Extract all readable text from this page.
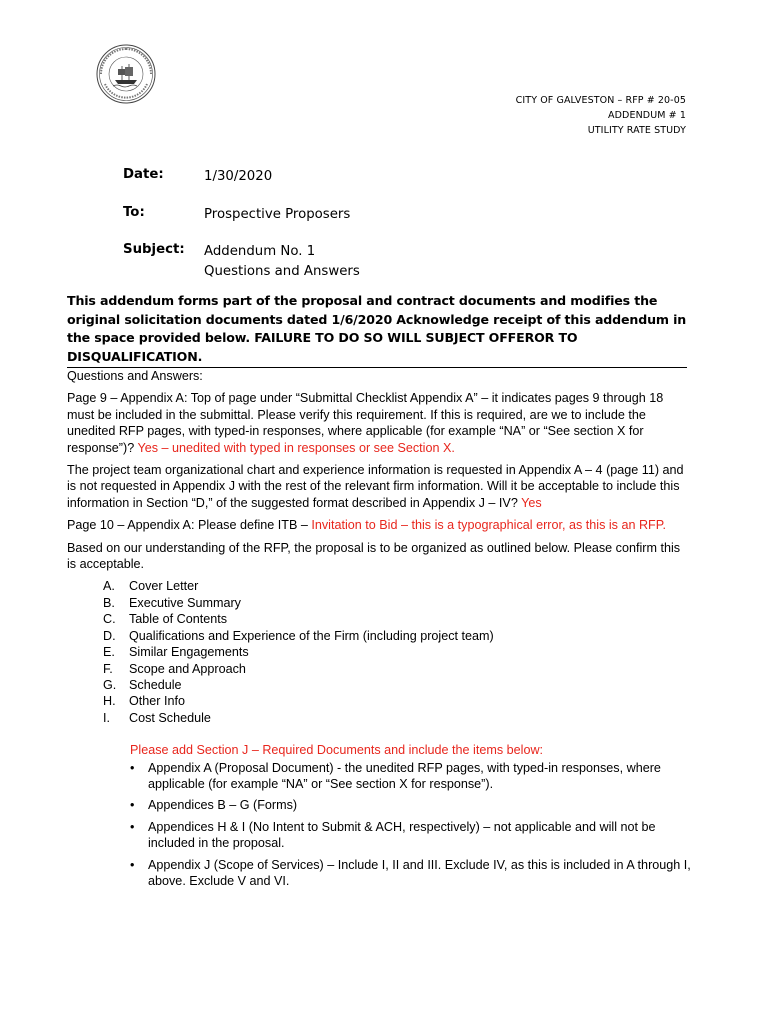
CITY OF GALVESTON – RFP # 20-05
ADDENDUM # 1
UTILITY RATE STUDY
Date:	1/30/2020
To:	Prospective Proposers
Subject:	Addendum No. 1
Questions and Answers
This addendum forms part of the proposal and contract documents and modifies the original solicitation documents dated 1/6/2020 Acknowledge receipt of this addendum in the space provided below. FAILURE TO DO SO WILL SUBJECT OFFEROR TO DISQUALIFICATION.

Questions and Answers:

Page 9 – Appendix A: Top of page under “Submittal Checklist Appendix A” – it indicates pages 9 through 18 must be included in the submittal. Please verify this requirement. If this is required, are we to include the unedited RFP pages, with typed-in responses, where applicable (for example “NA” or “See section X for response”)? Yes – unedited with typed in responses or see Section X.

The project team organizational chart and experience information is requested in Appendix A – 4 (page 11) and is not requested in Appendix J with the rest of the relevant firm information. Will it be acceptable to include this information in Section “D,” of the suggested format described in Appendix J – IV? Yes

Page 10 – Appendix A: Please define ITB – Invitation to Bid – this is a typographical error, as this is an RFP.

Based on our understanding of the RFP, the proposal is to be organized as outlined below. Please confirm this is acceptable.

A.	Cover Letter
B.	Executive Summary
C.	Table of Contents
D.	Qualifications and Experience of the Firm (including project team)
E.	Similar Engagements
F.	Scope and Approach
G.	Schedule
H.	Other Info
I.	Cost Schedule

Please add Section J – Required Documents and include the items below:

•	Appendix A (Proposal Document) - the unedited RFP pages, with typed-in responses, where applicable (for example “NA” or “See section X for response”).
•	Appendices B – G (Forms)
•	Appendices H & I (No Intent to Submit & ACH, respectively) – not applicable and will not be included in the proposal.
•	Appendix J (Scope of Services) – Include I, II and III. Exclude IV, as this is included in A through I, above. Exclude V and VI.
